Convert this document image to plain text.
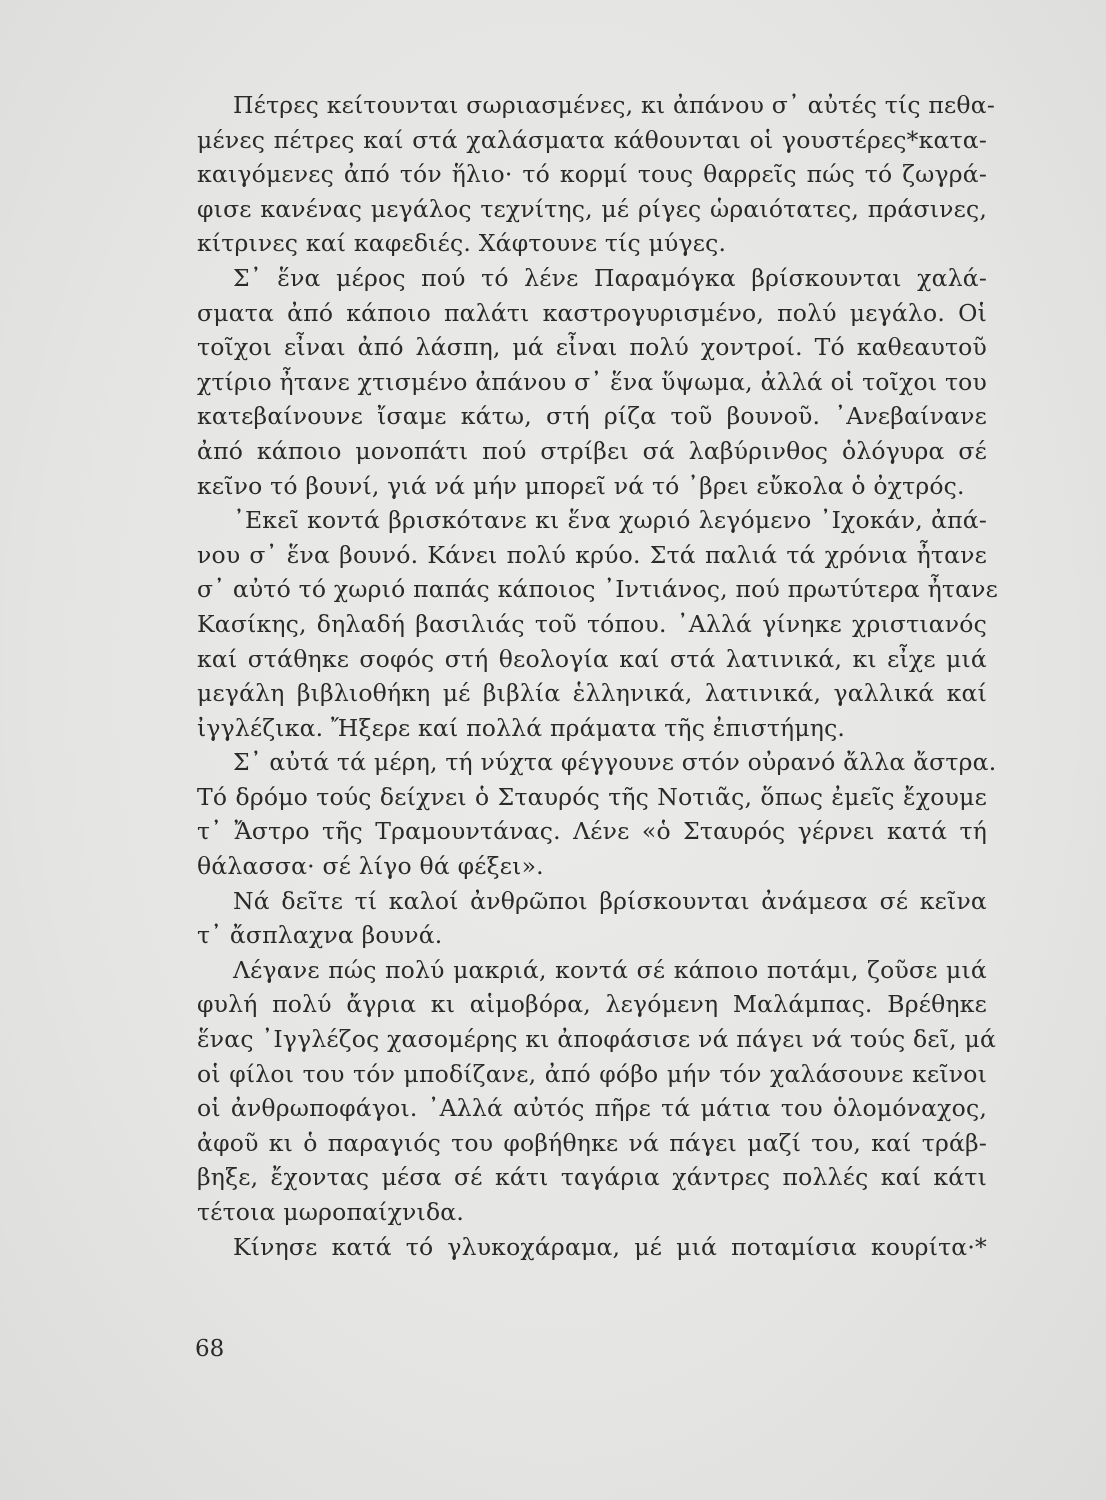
Πέτρες κείτουνται σωριασμένες, κι ἀπάνου σ᾽ αὐτές τίς πεθα-
μένες πέτρες καί στά χαλάσματα κάθουνται οἱ γουστέρες*κατα-
καιγόμενες ἀπό τόν ἥλιο· τό κορμί τους θαρρεῖς πώς τό ζωγρά-
φισε κανένας μεγάλος τεχνίτης, μέ ρίγες ὡραιότατες, πράσινες,
κίτρινες καί καφεδιές. Χάφτουνε τίς μύγες.
Σ᾽ ἕνα μέρος πού τό λένε Παραμόγκα βρίσκουνται χαλά-
σματα ἀπό κάποιο παλάτι καστρογυρισμένο, πολύ μεγάλο. Οἱ
τοῖχοι εἶναι ἀπό λάσπη, μά εἶναι πολύ χοντροί. Τό καθεαυτοῦ
χτίριο ἦτανε χτισμένο ἀπάνου σ᾽ ἕνα ὕψωμα, ἀλλά οἱ τοῖχοι του
κατεβαίνουνε ἴσαμε κάτω, στή ρίζα τοῦ βουνοῦ. ᾽Ανεβαίνανε
ἀπό κάποιο μονοπάτι πού στρίβει σά λαβύρινθος ὁλόγυρα σέ
κεῖνο τό βουνί, γιά νά μήν μπορεῖ νά τό ᾽βρει εὔκολα ὁ ὀχτρός.
᾽Εκεῖ κοντά βρισκότανε κι ἕνα χωριό λεγόμενο ᾽Ιχοκάν, ἀπά-
νου σ᾽ ἕνα βουνό. Κάνει πολύ κρύο. Στά παλιά τά χρόνια ἦτανε
σ᾽ αὐτό τό χωριό παπάς κάποιος ᾽Ιντιάνος, πού πρωτύτερα ἦτανε
Κασίκης, δηλαδή βασιλιάς τοῦ τόπου. ᾽Αλλά γίνηκε χριστιανός
καί στάθηκε σοφός στή θεολογία καί στά λατινικά, κι εἶχε μιά
μεγάλη βιβλιοθήκη μέ βιβλία ἑλληνικά, λατινικά, γαλλικά καί
ἰγγλέζικα. Ἤξερε καί πολλά πράματα τῆς ἐπιστήμης.
Σ᾽ αὐτά τά μέρη, τή νύχτα φέγγουνε στόν οὐρανό ἄλλα ἄστρα.
Τό δρόμο τούς δείχνει ὁ Σταυρός τῆς Νοτιᾶς, ὅπως ἐμεῖς ἔχουμε
τ᾽ Ἄστρο τῆς Τραμουντάνας. Λένε «ὁ Σταυρός γέρνει κατά τή
θάλασσα· σέ λίγο θά φέξει».
Νά δεῖτε τί καλοί ἀνθρῶποι βρίσκουνται ἀνάμεσα σέ κεῖνα
τ᾽ ἄσπλαχνα βουνά.
Λέγανε πώς πολύ μακριά, κοντά σέ κάποιο ποτάμι, ζοῦσε μιά
φυλή πολύ ἄγρια κι αἱμοβόρα, λεγόμενη Μαλάμπας. Βρέθηκε
ἕνας ᾽Ιγγλέζος χασομέρης κι ἀποφάσισε νά πάγει νά τούς δεῖ, μά
οἱ φίλοι του τόν μποδίζανε, ἀπό φόβο μήν τόν χαλάσουνε κεῖνοι
οἱ ἀνθρωποφάγοι. ᾽Αλλά αὐτός πῆρε τά μάτια του ὁλομόναχος,
ἀφοῦ κι ὁ παραγιός του φοβήθηκε νά πάγει μαζί του, καί τράβ-
βηξε, ἔχοντας μέσα σέ κάτι ταγάρια χάντρες πολλές καί κάτι
τέτοια μωροπαίχνιδα.
Κίνησε κατά τό γλυκοχάραμα, μέ μιά ποταμίσια κουρίτα·*
68
